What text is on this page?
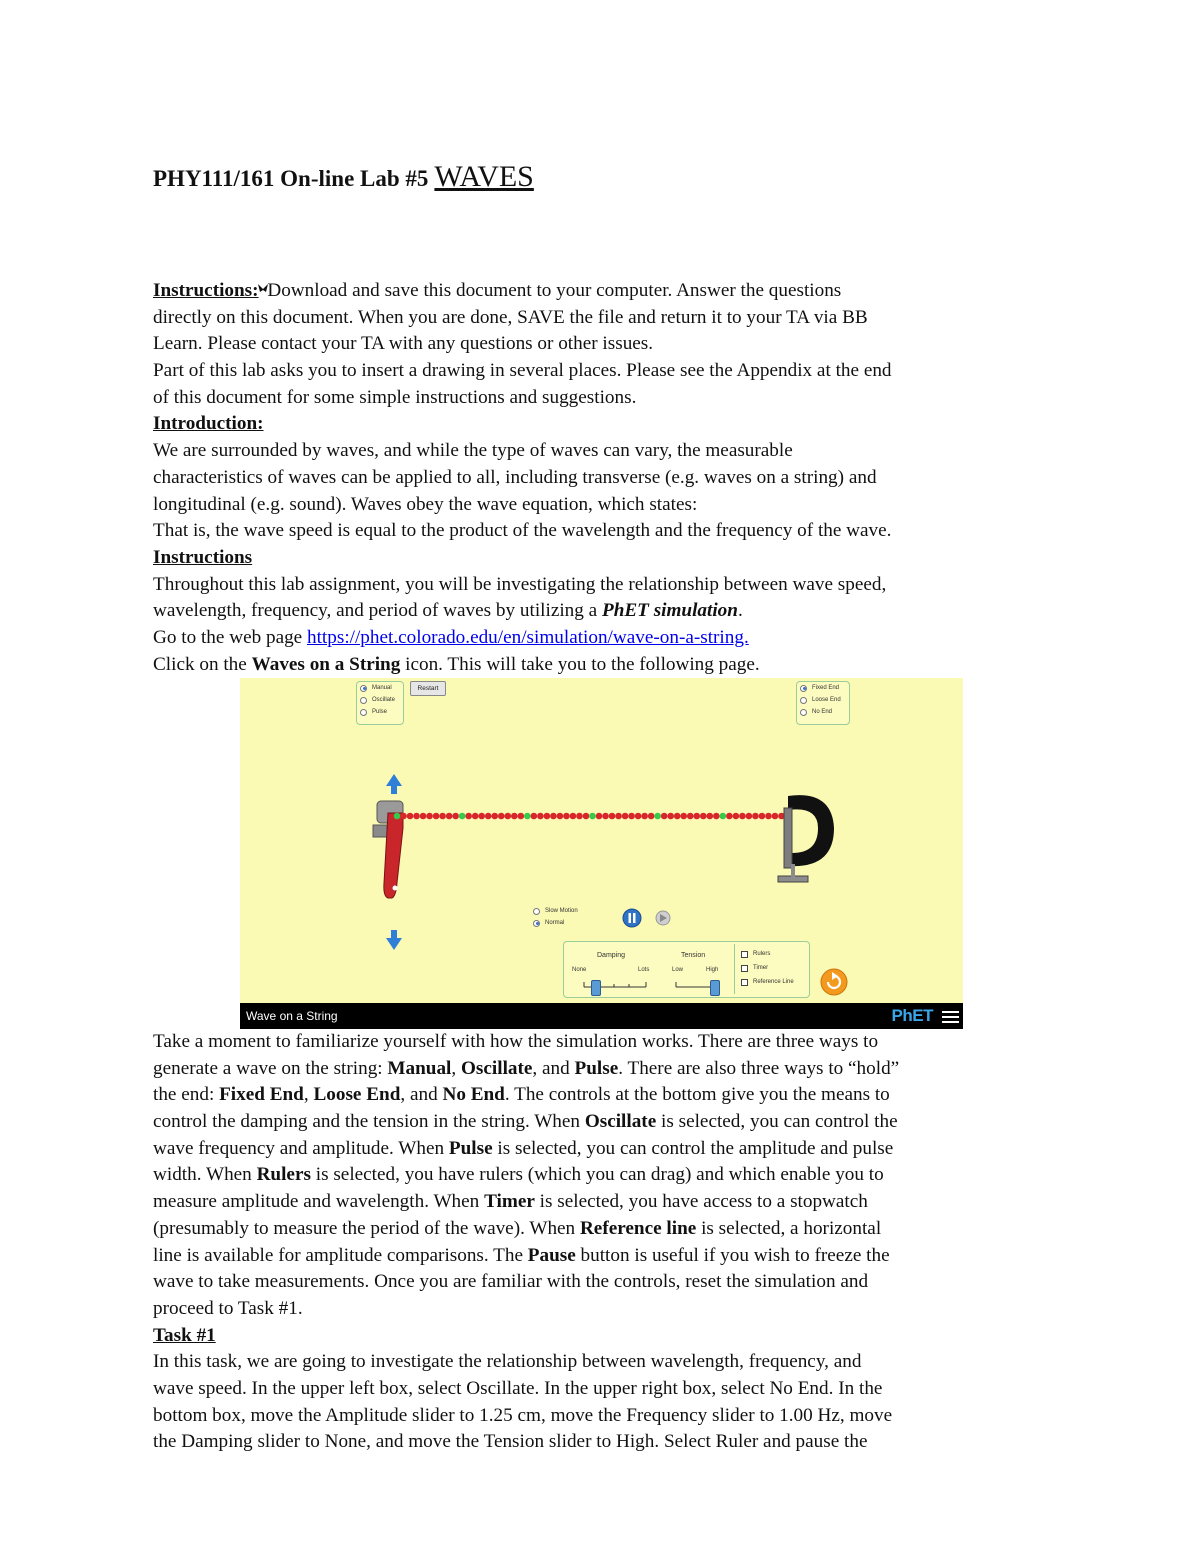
PHY111/161 On-line Lab #5 WAVES
Instructions: Download and save this document to your computer. Answer the questions
directly on this document. When you are done, SAVE the file and return it to your TA via BB
Learn. Please contact your TA with any questions or other issues.
Part of this lab asks you to insert a drawing in several places. Please see the Appendix at the end
of this document for some simple instructions and suggestions.
Introduction:
We are surrounded by waves, and while the type of waves can vary, the measurable
characteristics of waves can be applied to all, including transverse (e.g. waves on a string) and
longitudinal (e.g. sound). Waves obey the wave equation, which states:
That is, the wave speed is equal to the product of the wavelength and the frequency of the wave.
Instructions
Throughout this lab assignment, you will be investigating the relationship between wave speed,
wavelength, frequency, and period of waves by utilizing a PhET simulation.
Go to the web page https://phet.colorado.edu/en/simulation/wave-on-a-string.
Click on the Waves on a String icon. This will take you to the following page.
Manual
Oscillate
Pulse
Fixed End
Loose End
No End
Slow Motion
Normal
Damping
None	Lots
Tension
Low	High
Rulers
Timer
Reference Line
Wave on a String	PhET
Restart
Take a moment to familiarize yourself with how the simulation works. There are three ways to
generate a wave on the string: Manual, Oscillate, and Pulse. There are also three ways to “hold”
the end: Fixed End, Loose End, and No End. The controls at the bottom give you the means to
control the damping and the tension in the string. When Oscillate is selected, you can control the
wave frequency and amplitude. When Pulse is selected, you can control the amplitude and pulse
width. When Rulers is selected, you have rulers (which you can drag) and which enable you to
measure amplitude and wavelength. When Timer is selected, you have access to a stopwatch
(presumably to measure the period of the wave). When Reference line is selected, a horizontal
line is available for amplitude comparisons. The Pause button is useful if you wish to freeze the
wave to take measurements. Once you are familiar with the controls, reset the simulation and
proceed to Task #1.
Task #1
In this task, we are going to investigate the relationship between wavelength, frequency, and
wave speed. In the upper left box, select Oscillate. In the upper right box, select No End. In the
bottom box, move the Amplitude slider to 1.25 cm, move the Frequency slider to 1.00 Hz, move
the Damping slider to None, and move the Tension slider to High. Select Ruler and pause the
